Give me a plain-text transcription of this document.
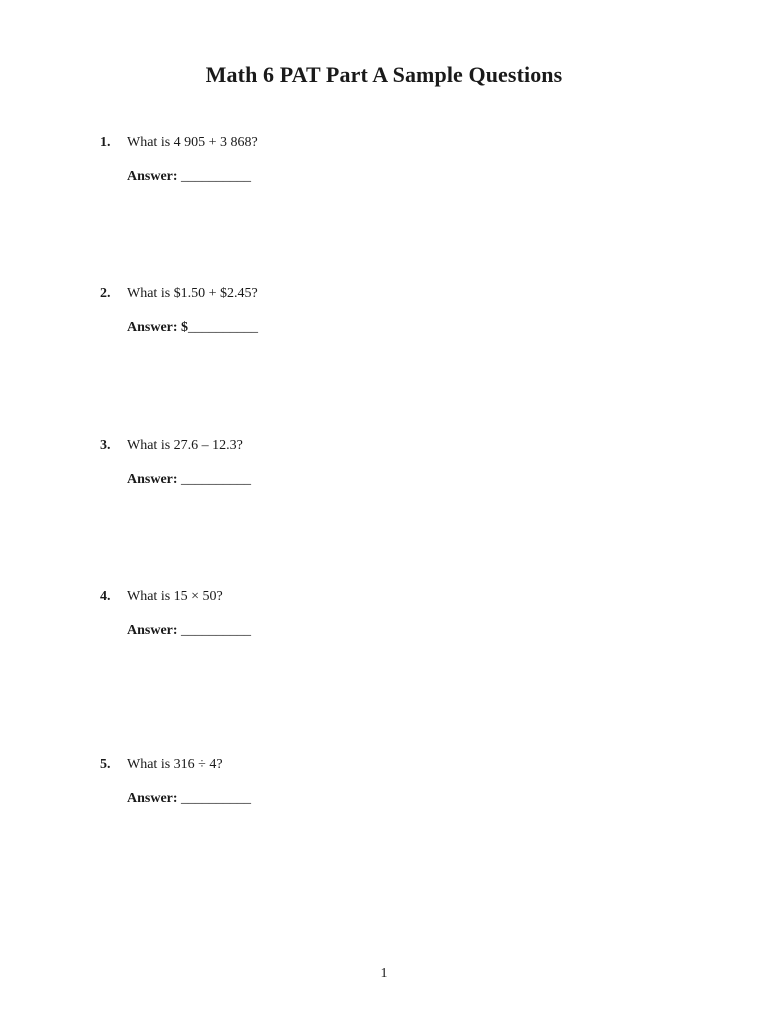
Math 6 PAT Part A Sample Questions
1. What is 4 905 + 3 868?
Answer: __________
2. What is $1.50 + $2.45?
Answer: $__________
3. What is 27.6 – 12.3?
Answer: __________
4. What is 15 × 50?
Answer: __________
5. What is 316 ÷ 4?
Answer: __________
1
